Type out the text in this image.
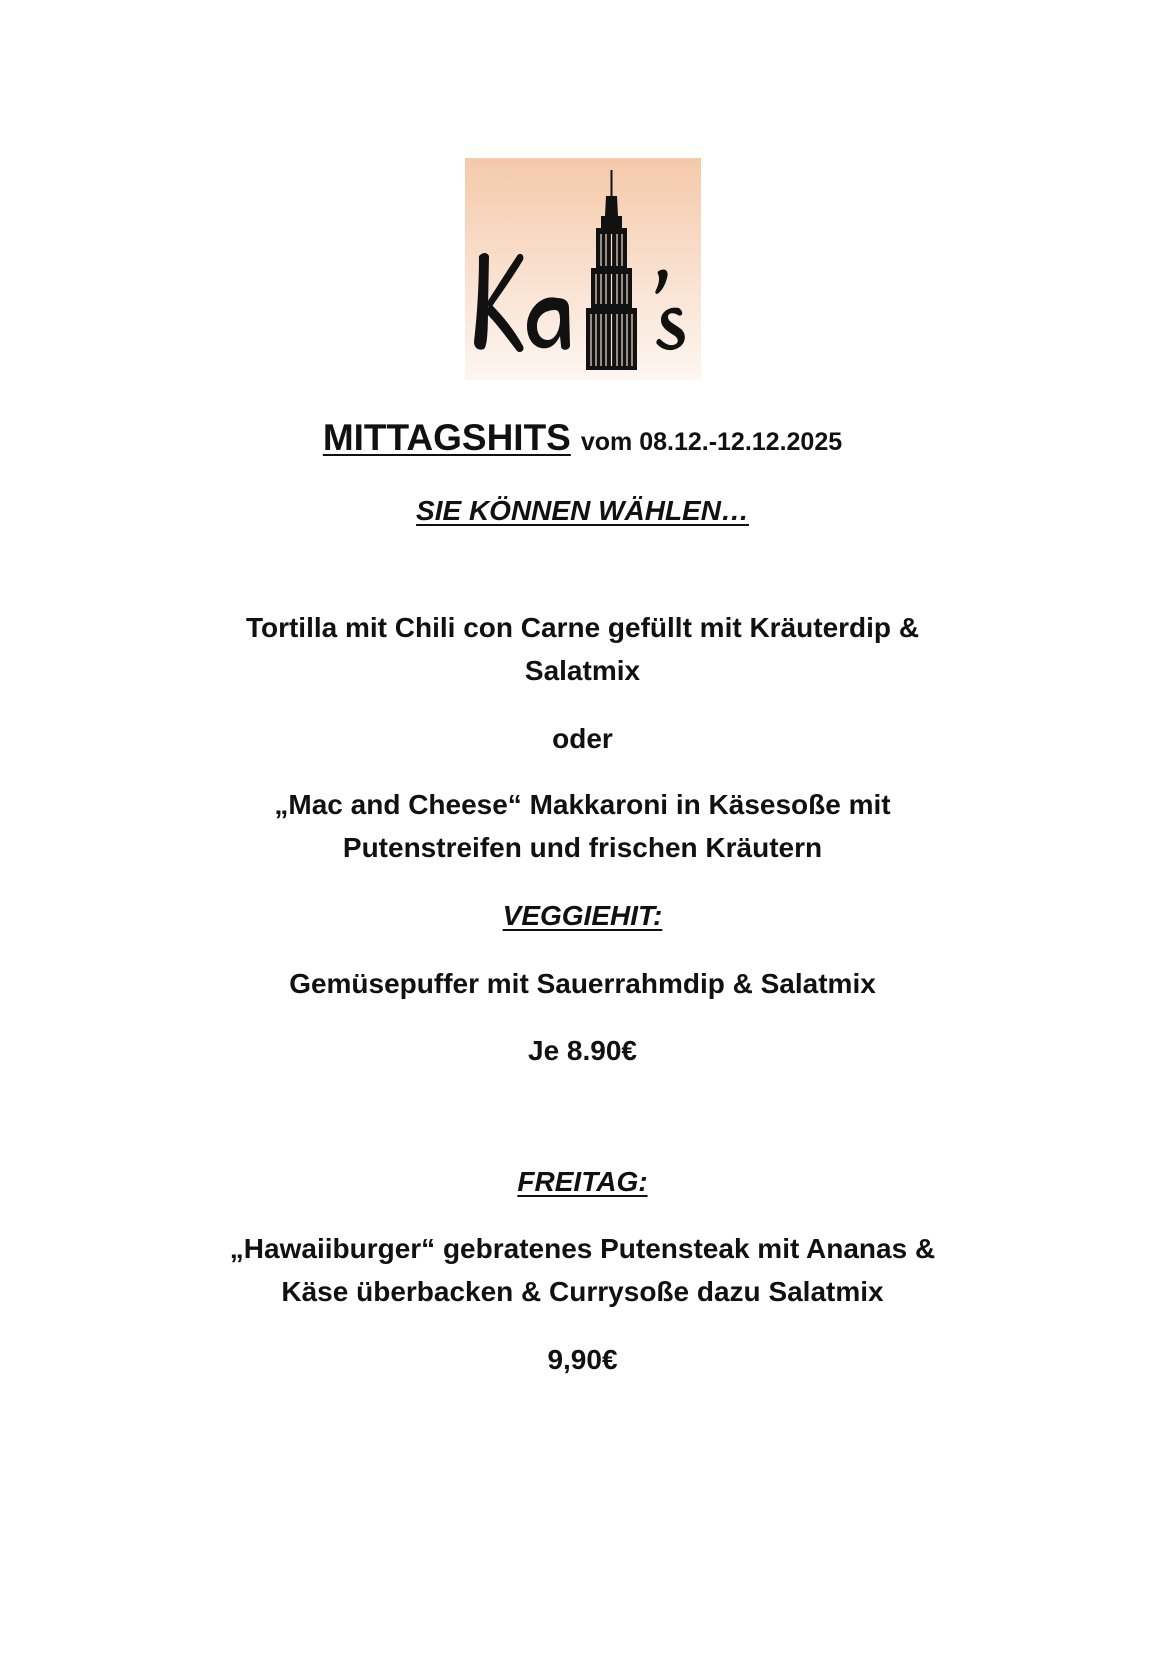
MITTAGSHITS vom 08.12.-12.12.2025
SIE KÖNNEN WÄHLEN…
Tortilla mit Chili con Carne gefüllt mit Kräuterdip &
Salatmix
oder
„Mac and Cheese“ Makkaroni in Käsesoße mit
Putenstreifen und frischen Kräutern
VEGGIEHIT:
Gemüsepuffer mit Sauerrahmdip & Salatmix
Je 8.90€
FREITAG:
„Hawaiiburger“ gebratenes Putensteak mit Ananas &
Käse überbacken & Currysoße dazu Salatmix
9,90€
